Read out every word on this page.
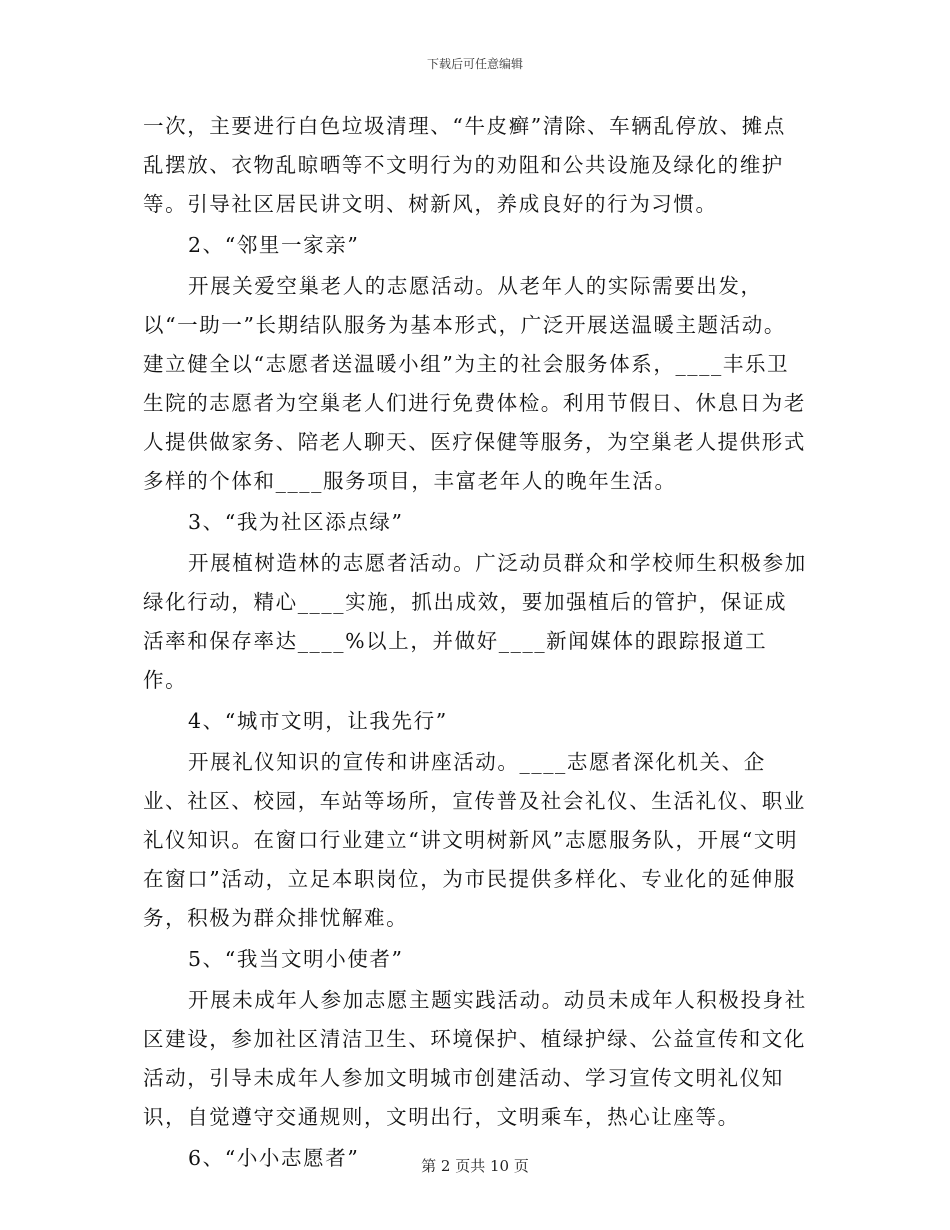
下载后可任意编辑

一次，主要进行白色垃圾清理、“牛皮癣”清除、车辆乱停放、摊点乱摆放、衣物乱晾晒等不文明行为的劝阻和公共设施及绿化的维护等。引导社区居民讲文明、树新风，养成良好的行为习惯。

2、“邻里一家亲”

开展关爱空巢老人的志愿活动。从老年人的实际需要出发，以“一助一”长期结队服务为基本形式，广泛开展送温暖主题活动。建立健全以“志愿者送温暖小组”为主的社会服务体系，____丰乐卫生院的志愿者为空巢老人们进行免费体检。利用节假日、休息日为老人提供做家务、陪老人聊天、医疗保健等服务，为空巢老人提供形式多样的个体和____服务项目，丰富老年人的晚年生活。

3、“我为社区添点绿”

开展植树造林的志愿者活动。广泛动员群众和学校师生积极参加绿化行动，精心____实施，抓出成效，要加强植后的管护，保证成活率和保存率达____%以上，并做好____新闻媒体的跟踪报道工作。

4、“城市文明，让我先行”

开展礼仪知识的宣传和讲座活动。____志愿者深化机关、企业、社区、校园，车站等场所，宣传普及社会礼仪、生活礼仪、职业礼仪知识。在窗口行业建立“讲文明树新风”志愿服务队，开展“文明在窗口”活动，立足本职岗位，为市民提供多样化、专业化的延伸服务，积极为群众排忧解难。

5、“我当文明小使者”

开展未成年人参加志愿主题实践活动。动员未成年人积极投身社区建设，参加社区清洁卫生、环境保护、植绿护绿、公益宣传和文化活动，引导未成年人参加文明城市创建活动、学习宣传文明礼仪知识，自觉遵守交通规则，文明出行，文明乘车，热心让座等。

6、“小小志愿者”	第 2 页共 10 页
